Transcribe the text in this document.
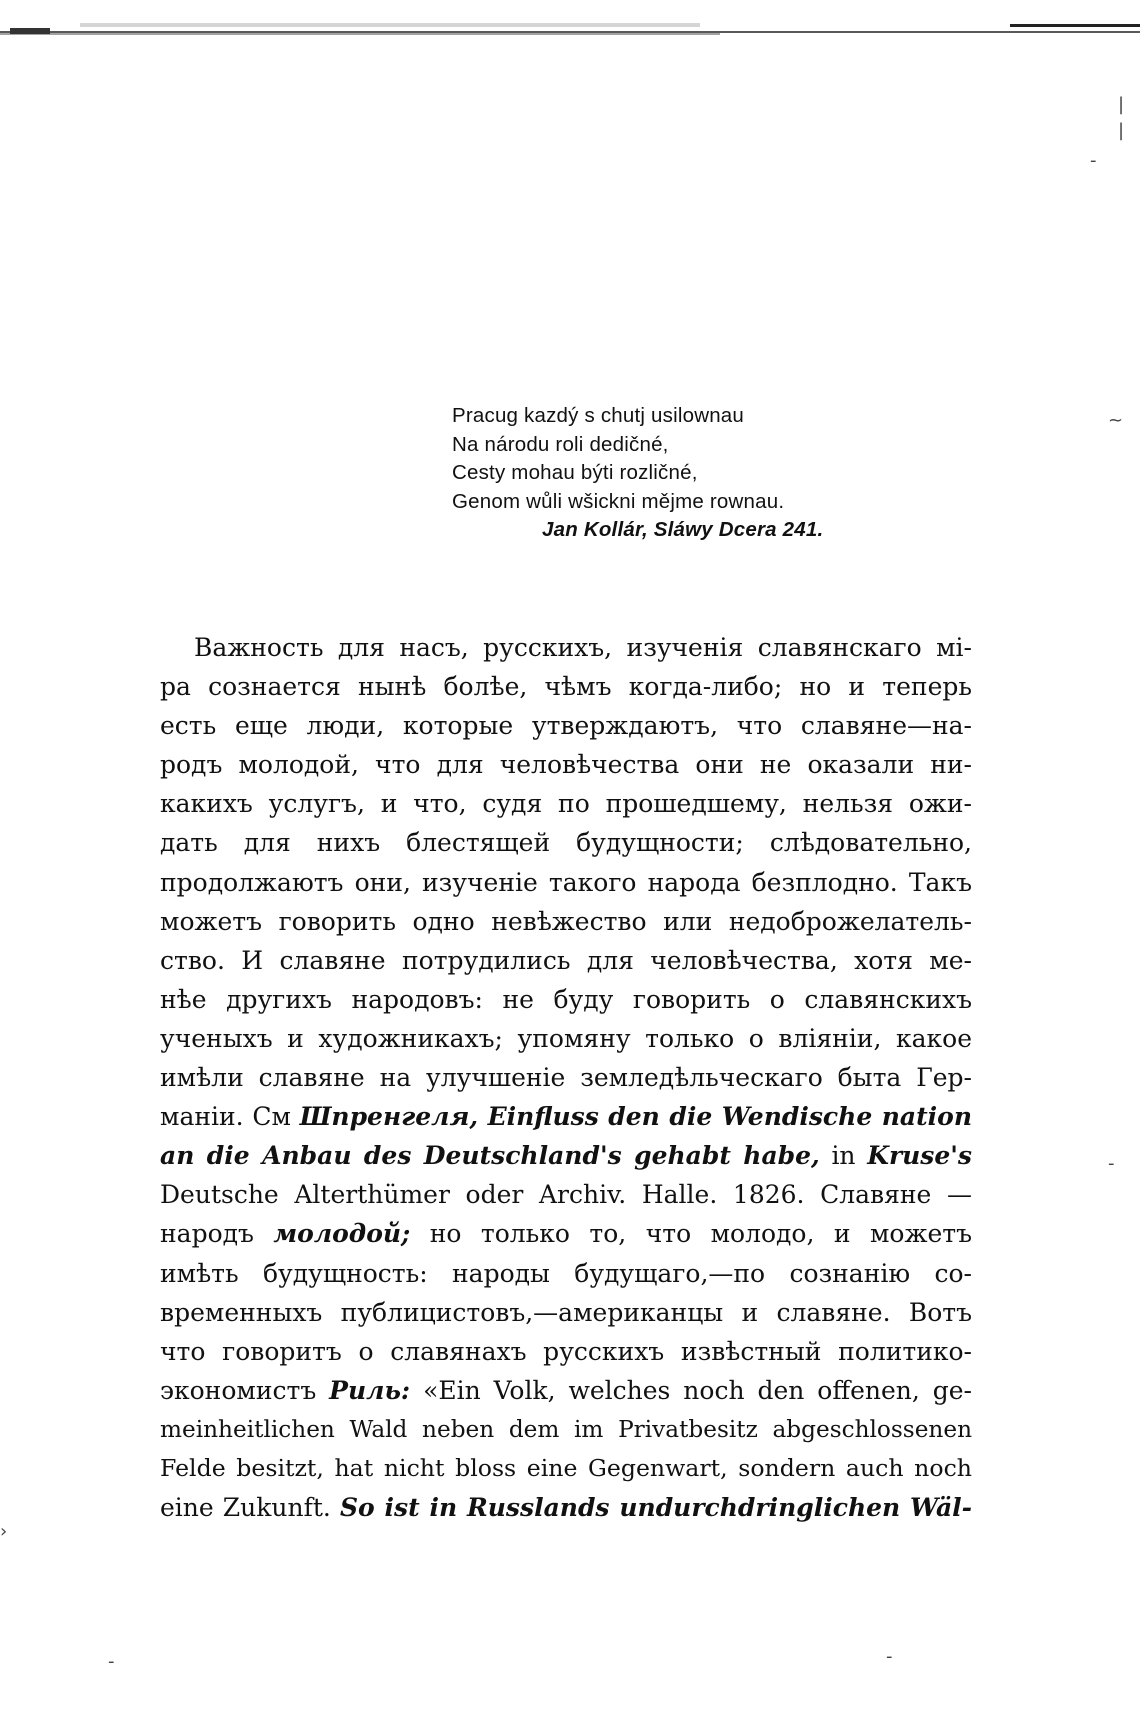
|
|
-
~
-
›
-	-
Pracug kazdý s chutj usilownau
Na národu roli dedičné,
Cesty mohau býti rozličné,
Genom wůli wšickni mějme rownau.
Jan Kollár, Sláwy Dcera 241.
Важность для насъ, русскихъ, изученія славянскаго мі-
ра сознается нынѣ болѣе, чѣмъ когда-либо; но и теперь
есть еще люди, которые утверждаютъ, что славяне—на-
родъ молодой, что для человѣчества они не оказали ни-
какихъ услугъ, и что, судя по прошедшему, нельзя ожи-
дать для нихъ блестящей будущности; слѣдовательно,
продолжаютъ они, изученіе такого народа безплодно. Такъ
можетъ говорить одно невѣжество или недоброжелатель-
ство. И славяне потрудились для человѣчества, хотя ме-
нѣе другихъ народовъ: не буду говорить о славянскихъ
ученыхъ и художникахъ; упомяну только о вліяніи, какое
имѣли славяне на улучшеніе земледѣльческаго быта Гер-
маніи. См Шпренгеля, Einfluss den die Wendische nation
an die Anbau des Deutschland's gehabt habe, in Kruse's
Deutsche Alterthümer oder Archiv. Halle. 1826. Славяне —
народъ молодой; но только то, что молодо, и можетъ
имѣть будущность: народы будущаго,—по сознанію со-
временныхъ публицистовъ,—американцы и славяне. Вотъ
что говоритъ о славянахъ русскихъ извѣстный политико-
экономистъ Риль: «Ein Volk, welches noch den offenen, ge-
meinheitlichen Wald neben dem im Privatbesitz abgeschlossenen
Felde besitzt, hat nicht bloss eine Gegenwart, sondern auch noch
eine Zukunft. So ist in Russlands undurchdringlichen Wäl-
